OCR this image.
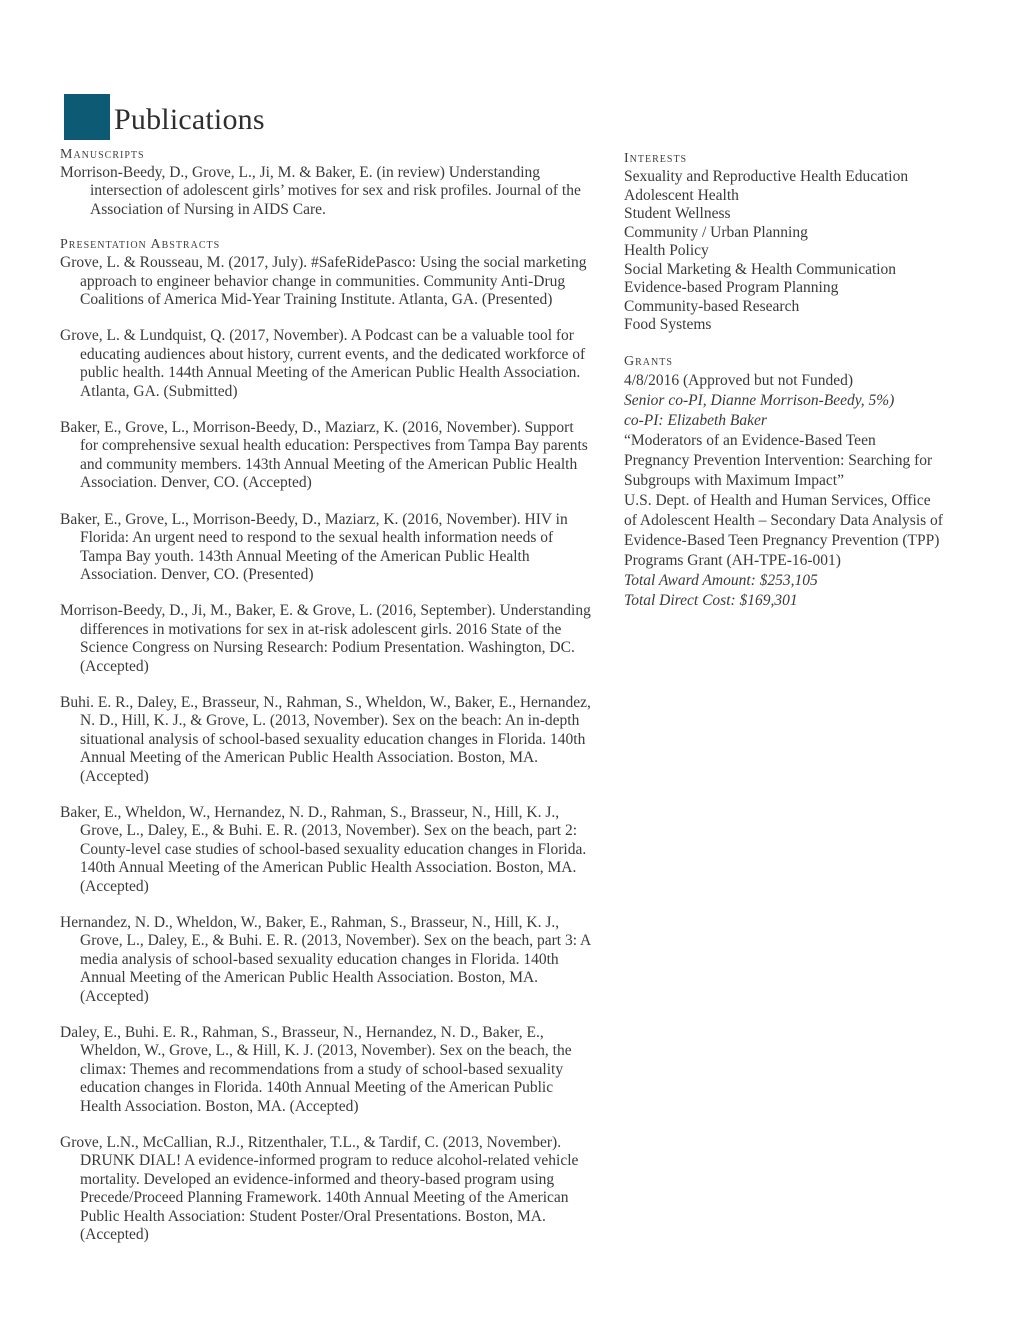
Publications
Manuscripts

Morrison-Beedy, D., Grove, L., Ji, M. & Baker, E. (in review) Understanding intersection of adolescent girls’ motives for sex and risk profiles. Journal of the Association of Nursing in AIDS Care.

Presentation Abstracts

Grove, L. & Rousseau, M. (2017, July). #SafeRidePasco: Using the social marketing approach to engineer behavior change in communities. Community Anti-Drug Coalitions of America Mid-Year Training Institute. Atlanta, GA. (Presented)

Grove, L. & Lundquist, Q. (2017, November). A Podcast can be a valuable tool for educating audiences about history, current events, and the dedicated workforce of public health. 144th Annual Meeting of the American Public Health Association. Atlanta, GA. (Submitted)

Baker, E., Grove, L., Morrison-Beedy, D., Maziarz, K. (2016, November). Support for comprehensive sexual health education: Perspectives from Tampa Bay parents and community members. 143th Annual Meeting of the American Public Health Association. Denver, CO. (Accepted)

Baker, E., Grove, L., Morrison-Beedy, D., Maziarz, K. (2016, November). HIV in Florida: An urgent need to respond to the sexual health information needs of Tampa Bay youth. 143th Annual Meeting of the American Public Health Association. Denver, CO. (Presented)

Morrison-Beedy, D., Ji, M., Baker, E. & Grove, L. (2016, September). Understanding differences in motivations for sex in at-risk adolescent girls. 2016 State of the Science Congress on Nursing Research: Podium Presentation. Washington, DC. (Accepted)

Buhi. E. R., Daley, E., Brasseur, N., Rahman, S., Wheldon, W., Baker, E., Hernandez, N. D., Hill, K. J., & Grove, L. (2013, November). Sex on the beach: An in-depth situational analysis of school-based sexuality education changes in Florida. 140th Annual Meeting of the American Public Health Association. Boston, MA. (Accepted)

Baker, E., Wheldon, W., Hernandez, N. D., Rahman, S., Brasseur, N., Hill, K. J., Grove, L., Daley, E., & Buhi. E. R. (2013, November). Sex on the beach, part 2: County-level case studies of school-based sexuality education changes in Florida. 140th Annual Meeting of the American Public Health Association. Boston, MA. (Accepted)

Hernandez, N. D., Wheldon, W., Baker, E., Rahman, S., Brasseur, N., Hill, K. J., Grove, L., Daley, E., & Buhi. E. R. (2013, November). Sex on the beach, part 3: A media analysis of school-based sexuality education changes in Florida. 140th Annual Meeting of the American Public Health Association. Boston, MA. (Accepted)

Daley, E., Buhi. E. R., Rahman, S., Brasseur, N., Hernandez, N. D., Baker, E., Wheldon, W., Grove, L., & Hill, K. J. (2013, November). Sex on the beach, the climax: Themes and recommendations from a study of school-based sexuality education changes in Florida. 140th Annual Meeting of the American Public Health Association. Boston, MA. (Accepted)

Grove, L.N., McCallian, R.J., Ritzenthaler, T.L., & Tardif, C. (2013, November). DRUNK DIAL! A evidence-informed program to reduce alcohol-related vehicle mortality. Developed an evidence-informed and theory-based program using Precede/Proceed Planning Framework. 140th Annual Meeting of the American Public Health Association: Student Poster/Oral Presentations. Boston, MA. (Accepted)

Interests

Sexuality and Reproductive Health Education

Adolescent Health

Student Wellness

Community / Urban Planning

Health Policy

Social Marketing & Health Communication

Evidence-based Program Planning

Community-based Research

Food Systems

Grants

4/8/2016 (Approved but not Funded)

Senior co-PI, Dianne Morrison-Beedy, 5%)

co-PI: Elizabeth Baker

“Moderators of an Evidence-Based Teen

Pregnancy Prevention Intervention: Searching for

Subgroups with Maximum Impact”

U.S. Dept. of Health and Human Services, Office

of Adolescent Health – Secondary Data Analysis of

Evidence-Based Teen Pregnancy Prevention (TPP)

Programs Grant (AH-TPE-16-001)

Total Award Amount: $253,105

Total Direct Cost: $169,301
